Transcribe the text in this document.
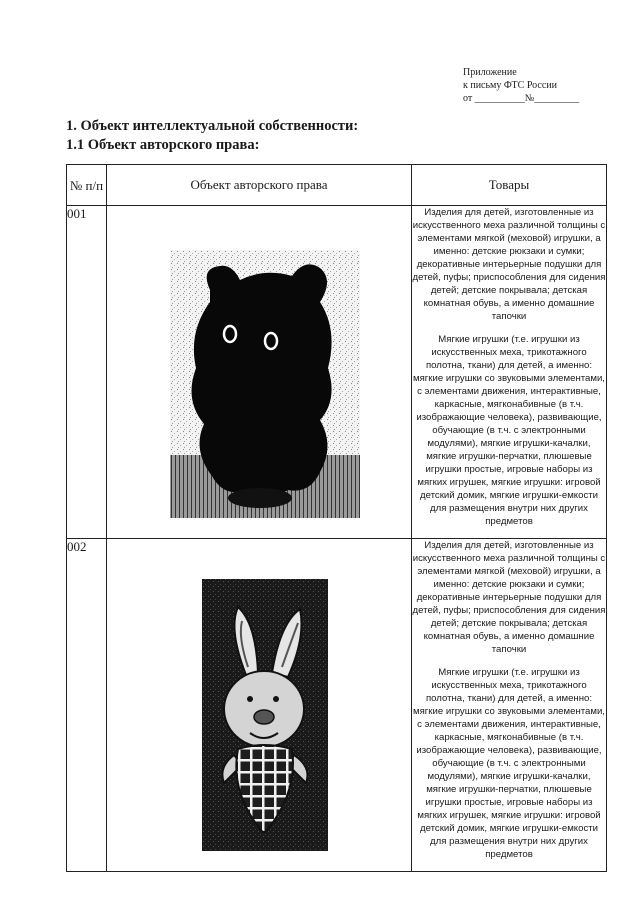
Приложение
к письму ФТС России
от __________№_________
1. Объект интеллектуальной собственности:
1.1 Объект авторского права:
№ п/п	Объект авторского права	Товары
001		Изделия для детей, изготовленные из искусственного меха различной толщины с элементами мягкой (меховой) игрушки, а именно: детские рюкзаки и сумки; декоративные интерьерные подушки для детей, пуфы; приспособления для сидения детей; детские покрывала; детская комнатная обувь, а именно домашние тапочки

Мягкие игрушки (т.е. игрушки из искусственных меха, трикотажного полотна, ткани) для детей, а именно: мягкие игрушки со звуковыми элементами, с элементами движения, интерактивные, каркасные, мягконабивные (в т.ч. изображающие человека), развивающие, обучающие (в т.ч. с электронными модулями), мягкие игрушки-качалки, мягкие игрушки-перчатки, плюшевые игрушки простые, игровые наборы из мягких игрушек, мягкие игрушки: игровой детский домик, мягкие игрушки-емкости для размещения внутри них других предметов

002		Изделия для детей, изготовленные из искусственного меха различной толщины с элементами мягкой (меховой) игрушки, а именно: детские рюкзаки и сумки; декоративные интерьерные подушки для детей, пуфы; приспособления для сидения детей; детские покрывала; детская комнатная обувь, а именно домашние тапочки

Мягкие игрушки (т.е. игрушки из искусственных меха, трикотажного полотна, ткани) для детей, а именно: мягкие игрушки со звуковыми элементами, с элементами движения, интерактивные, каркасные, мягконабивные (в т.ч. изображающие человека), развивающие, обучающие (в т.ч. с электронными модулями), мягкие игрушки-качалки, мягкие игрушки-перчатки, плюшевые игрушки простые, игровые наборы из мягких игрушек, мягкие игрушки: игровой детский домик, мягкие игрушки-емкости для размещения внутри них других предметов
